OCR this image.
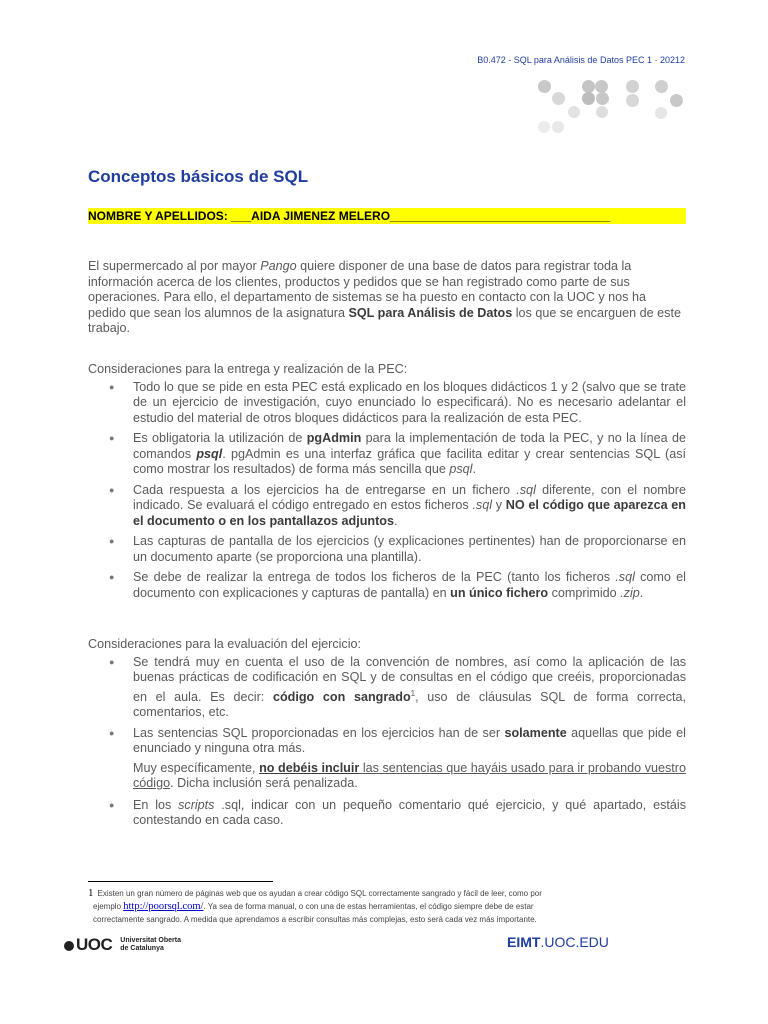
B0.472 - SQL para Análisis de Datos PEC 1 · 20212
Conceptos básicos de SQL
NOMBRE Y APELLIDOS: ___AIDA JIMENEZ MELERO_________________________________
El supermercado al por mayor Pango quiere disponer de una base de datos para registrar toda la información acerca de los clientes, productos y pedidos que se han registrado como parte de sus operaciones. Para ello, el departamento de sistemas se ha puesto en contacto con la UOC y nos ha pedido que sean los alumnos de la asignatura SQL para Análisis de Datos los que se encarguen de este trabajo.
Consideraciones para la entrega y realización de la PEC:
● Todo lo que se pide en esta PEC está explicado en los bloques didácticos 1 y 2 (salvo que se trate de un ejercicio de investigación, cuyo enunciado lo especificará). No es necesario adelantar el estudio del material de otros bloques didácticos para la realización de esta PEC.
● Es obligatoria la utilización de pgAdmin para la implementación de toda la PEC, y no la línea de comandos psql. pgAdmin es una interfaz gráfica que facilita editar y crear sentencias SQL (así como mostrar los resultados) de forma más sencilla que psql.
● Cada respuesta a los ejercicios ha de entregarse en un fichero .sql diferente, con el nombre indicado. Se evaluará el código entregado en estos ficheros .sql y NO el código que aparezca en el documento o en los pantallazos adjuntos.
● Las capturas de pantalla de los ejercicios (y explicaciones pertinentes) han de proporcionarse en un documento aparte (se proporciona una plantilla).
● Se debe de realizar la entrega de todos los ficheros de la PEC (tanto los ficheros .sql como el documento con explicaciones y capturas de pantalla) en un único fichero comprimido .zip.
Consideraciones para la evaluación del ejercicio:
● Se tendrá muy en cuenta el uso de la convención de nombres, así como la aplicación de las buenas prácticas de codificación en SQL y de consultas en el código que creéis, proporcionadas en el aula. Es decir: código con sangrado$^1$, uso de cláusulas SQL de forma correcta, comentarios, etc.
● Las sentencias SQL proporcionadas en los ejercicios han de ser solamente aquellas que pide el enunciado y ninguna otra más.
Muy específicamente, no debéis incluir las sentencias que hayáis usado para ir probando vuestro código. Dicha inclusión será penalizada.
● En los scripts .sql, indicar con un pequeño comentario qué ejercicio, y qué apartado, estáis contestando en cada caso.
$^1$ Existen un gran número de páginas web que os ayudan a crear código SQL correctamente sangrado y fácil de leer, como por
ejemplo http://poorsql.com/. Ya sea de forma manual, o con una de estas herramientas, el código siempre debe de estar
correctamente sangrado. A medida que aprendamos a escribir consultas más complejas, esto será cada vez más importante.
UOC Universitat Oberta
de Catalunya	EIMT.UOC.EDU
